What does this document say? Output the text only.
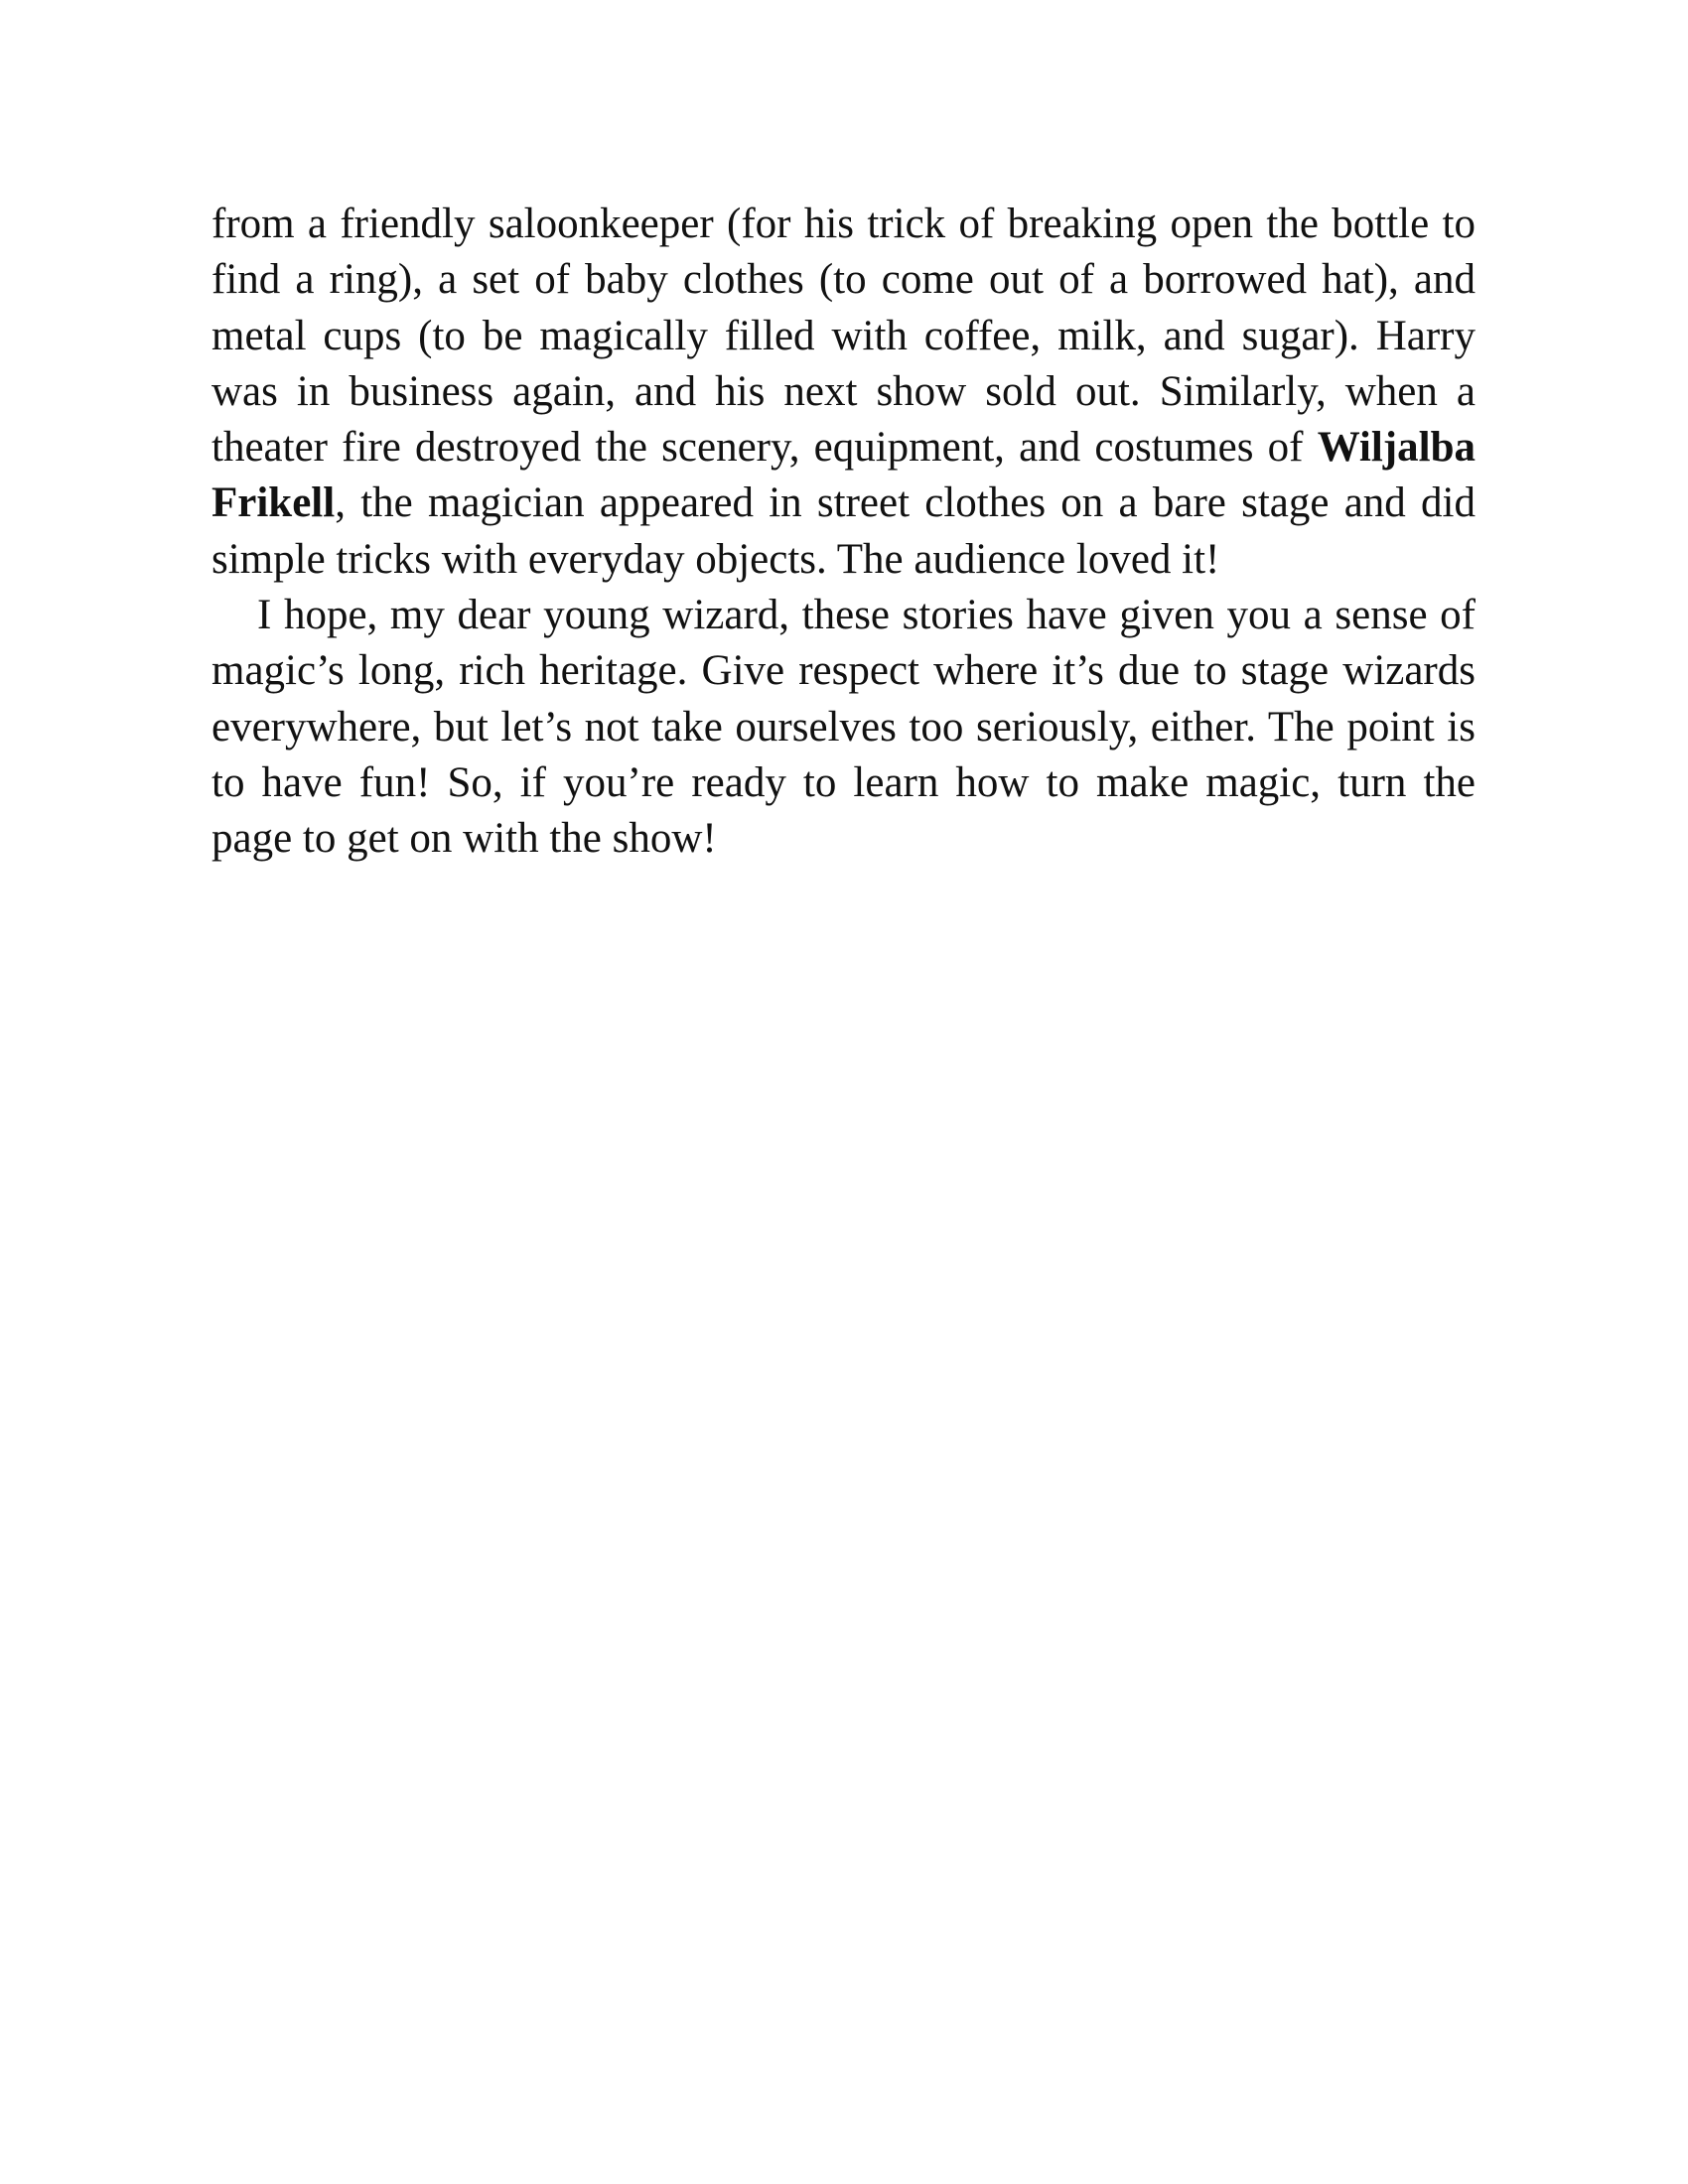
from a friendly saloonkeeper (for his trick of breaking open the bottle to find a ring), a set of baby clothes (to come out of a borrowed hat), and metal cups (to be magically filled with coffee, milk, and sugar). Harry was in business again, and his next show sold out. Similarly, when a theater fire destroyed the scenery, equipment, and costumes of Wiljalba Frikell, the magician appeared in street clothes on a bare stage and did simple tricks with everyday objects. The audience loved it!

I hope, my dear young wizard, these stories have given you a sense of magic’s long, rich heritage. Give respect where it’s due to stage wizards everywhere, but let’s not take ourselves too seriously, either. The point is to have fun! So, if you’re ready to learn how to make magic, turn the page to get on with the show!
